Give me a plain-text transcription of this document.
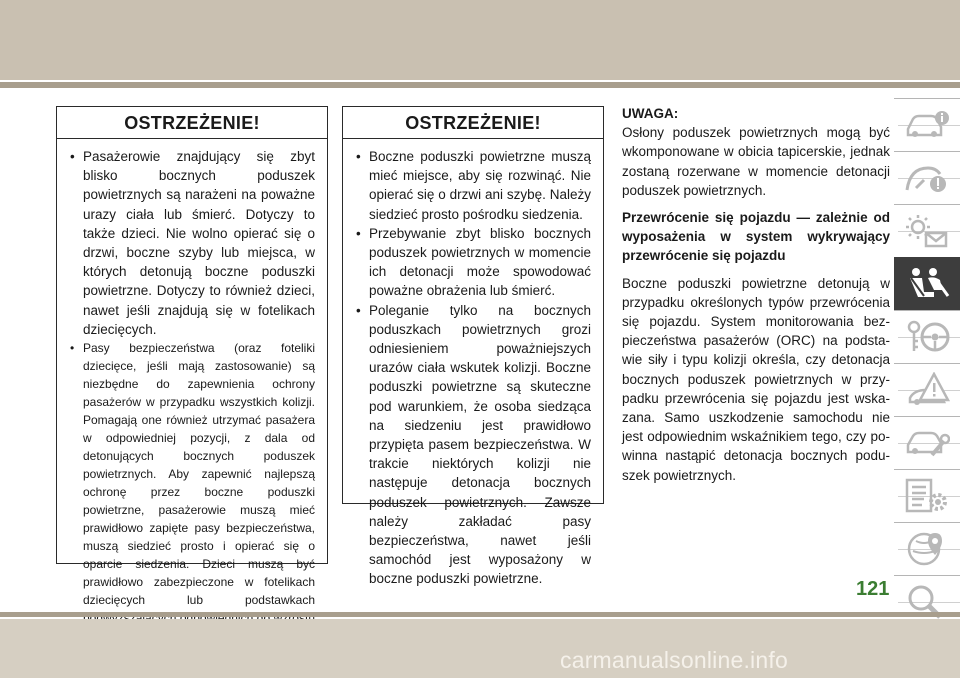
OSTRZEŻENIE!
• Pasażerowie znajdujący się zbyt blisko bocznych poduszek powietrznych są narażeni na poważne urazy ciała lub śmierć. Dotyczy to także dzieci. Nie wolno opierać się o drzwi, boczne szyby lub miejsca, w których detonują boczne poduszki powietrzne. Dotyczy to również dzieci, nawet jeśli znajdują się w fotelikach dziecięcych.
• Pasy bezpieczeństwa (oraz foteliki dziecięce, jeśli mają zastosowanie) są niezbędne do zapewnienia ochrony pasażerów w przypadku wszystkich kolizji. Pomagają one również utrzymać pasażera w odpowiedniej pozycji, z dala od detonujących bocznych poduszek powietrznych. Aby zapewnić najlepszą ochronę przez boczne poduszki powietrzne, pasażerowie muszą mieć prawidłowo zapięte pasy bezpieczeństwa, muszą siedzieć prosto i opierać się o oparcie siedzenia. Dzieci muszą być prawidłowo zabezpieczone w fotelikach dziecięcych lub podstawkach
OSTRZEŻENIE!
• Boczne poduszki powietrzne muszą mieć miejsce, aby się rozwinąć. Nie opierać się o drzwi ani szybę. Należy siedzieć prosto pośrodku siedzenia.
• Przebywanie zbyt blisko bocznych poduszek powietrznych w momencie ich detonacji może spowodować poważne obrażenia lub śmierć.
• Poleganie tylko na bocznych poduszkach powietrznych grozi odniesieniem poważniejszych urazów ciała wskutek kolizji. Boczne poduszki powietrzne są skuteczne pod warunkiem, że osoba siedząca na siedzeniu jest prawidłowo przypięta pasem bezpieczeństwa. W trakcie niektórych kolizji nie następuje detonacja bocznych poduszek powietrznych. Zawsze należy zakładać pasy bezpieczeństwa, nawet jeśli samochód jest wyposażony w boczne poduszki powietrzne.

UWAGA:

Osłony poduszek powietrznych mogą być wkomponowane w obicia tapicerskie, jednak zostaną rozerwane w momencie detonacji poduszek powietrznych.

Przewrócenie się pojazdu — zależnie od wyposażenia w system wykrywający przewrócenie się pojazdu

Boczne poduszki powietrzne detonują w przypadku określonych typów przewrócenia się pojazdu. System monitorowania bezpieczeństwa pasażerów (ORC) na podstawie siły i typu kolizji określa, czy detonacja bocznych poduszek powietrznych w przypadku przewrócenia się pojazdu jest wskazana. Samo uszkodzenie samochodu nie jest odpowiednim wskaźnikiem tego, czy powinna nastąpić detonacja bocznych poduszek powietrznych.

121
carmanualsonline.info
